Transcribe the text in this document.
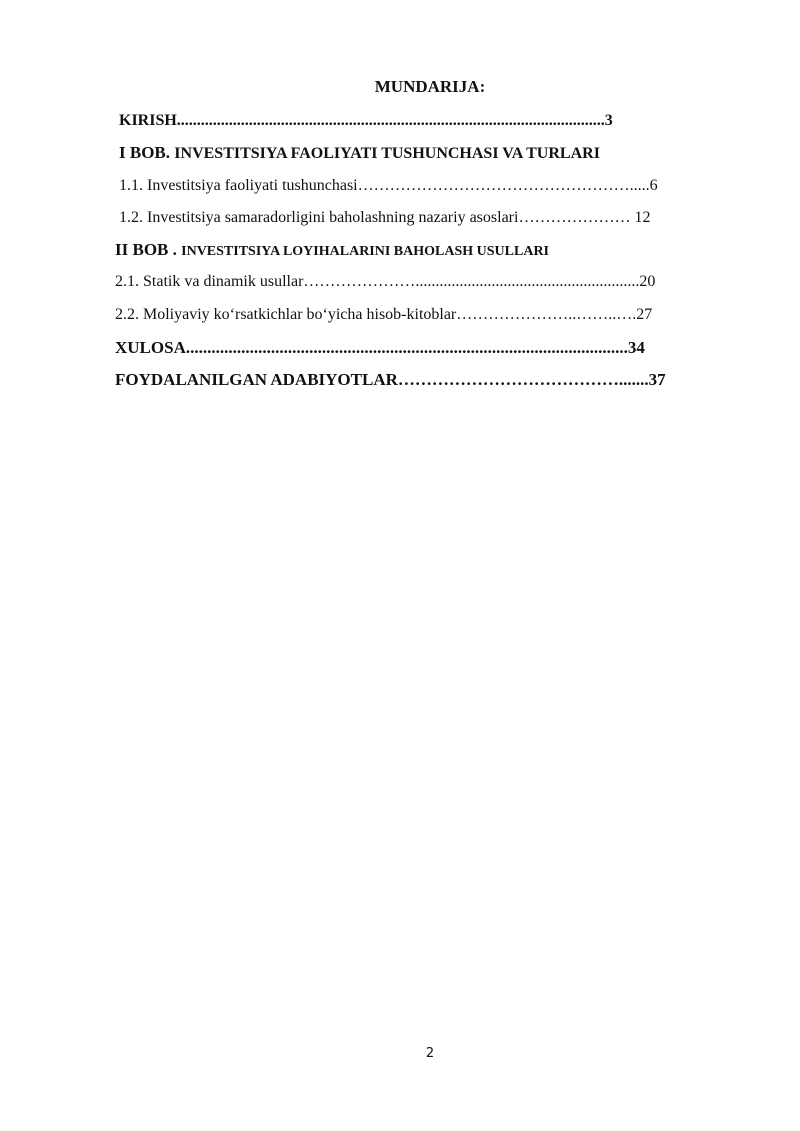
MUNDARIJA:
KIRISH...........................................................................................................3
I BOB. INVESTITSIYA FAOLIYATI TUSHUNCHASI VA TURLARI
1.1. Investitsiya faoliyati tushunchasi…………………………………………….....6
1.2. Investitsiya samaradorligini baholashning nazariy asoslari………………… 12
II BOB . INVESTITSIYA LOYIHALARINI BAHOLASH USULLARI
2.1. Statik va dinamik usullar…………………........................................................20
2.2. Moliyaviy ko‘rsatkichlar bo‘yicha hisob-kitoblar…………………..……..….27
XULOSA........................................................................................................34
FOYDALANILGAN ADABIYOTLAR………………………………….......37
2
